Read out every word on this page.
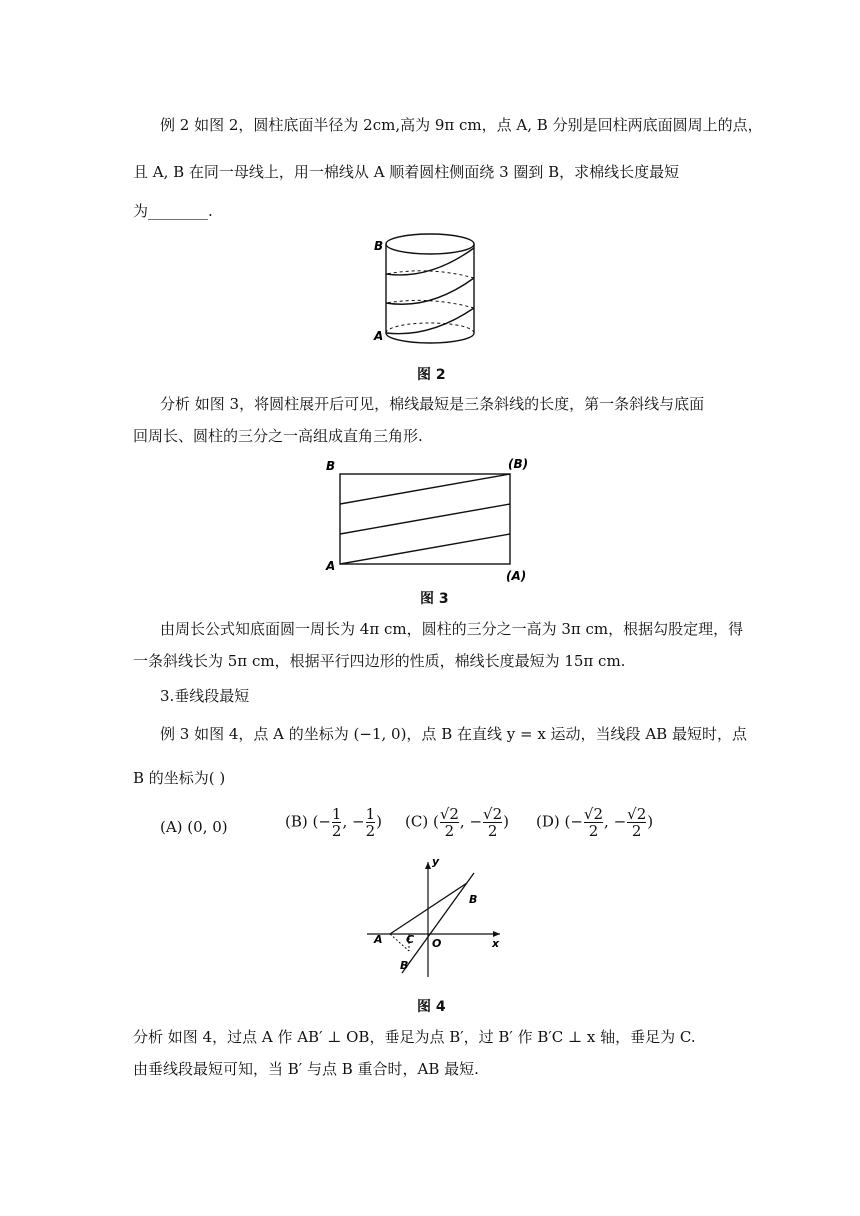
例 2 如图 2，圆柱底面半径为 2cm,高为 9π cm，点 A, B 分别是回柱两底面圆周上的点，
且 A, B 在同一母线上，用一棉线从 A 顺着圆柱侧面绕 3 圈到 B，求棉线长度最短
为________.
B
A
图 2
分析 如图 3，将圆柱展开后可见，棉线最短是三条斜线的长度，第一条斜线与底面
回周长、圆柱的三分之一高组成直角三角形.
B	(B)
A
(A)
图 3
由周长公式知底面圆一周长为 4π cm，圆柱的三分之一高为 3π cm，根据勾股定理，得
一条斜线长为 5π cm，根据平行四边形的性质，棉线长度最短为 15π cm.
3.垂线段最短
例 3 如图 4，点 A 的坐标为 (−1, 0)，点 B 在直线 y = x 运动，当线段 AB 最短时，点
B 的坐标为( )
(A) (0, 0)	(B) (− $\frac{1}{2}$ , − $\frac{1}{2}$ ) (C) ( $\frac{√2}{2}$ , − $\frac{√2}{2}$ ) (D) (− $\frac{√2}{2}$ , − $\frac{√2}{2}$ )
y
x
A C O
B
B′
图 4
分析 如图 4，过点 A 作 AB′ ⊥ OB，垂足为点 B′，过 B′ 作 B′C ⊥ x 轴，垂足为 C.
由垂线段最短可知，当 B′ 与点 B 重合时，AB 最短.
